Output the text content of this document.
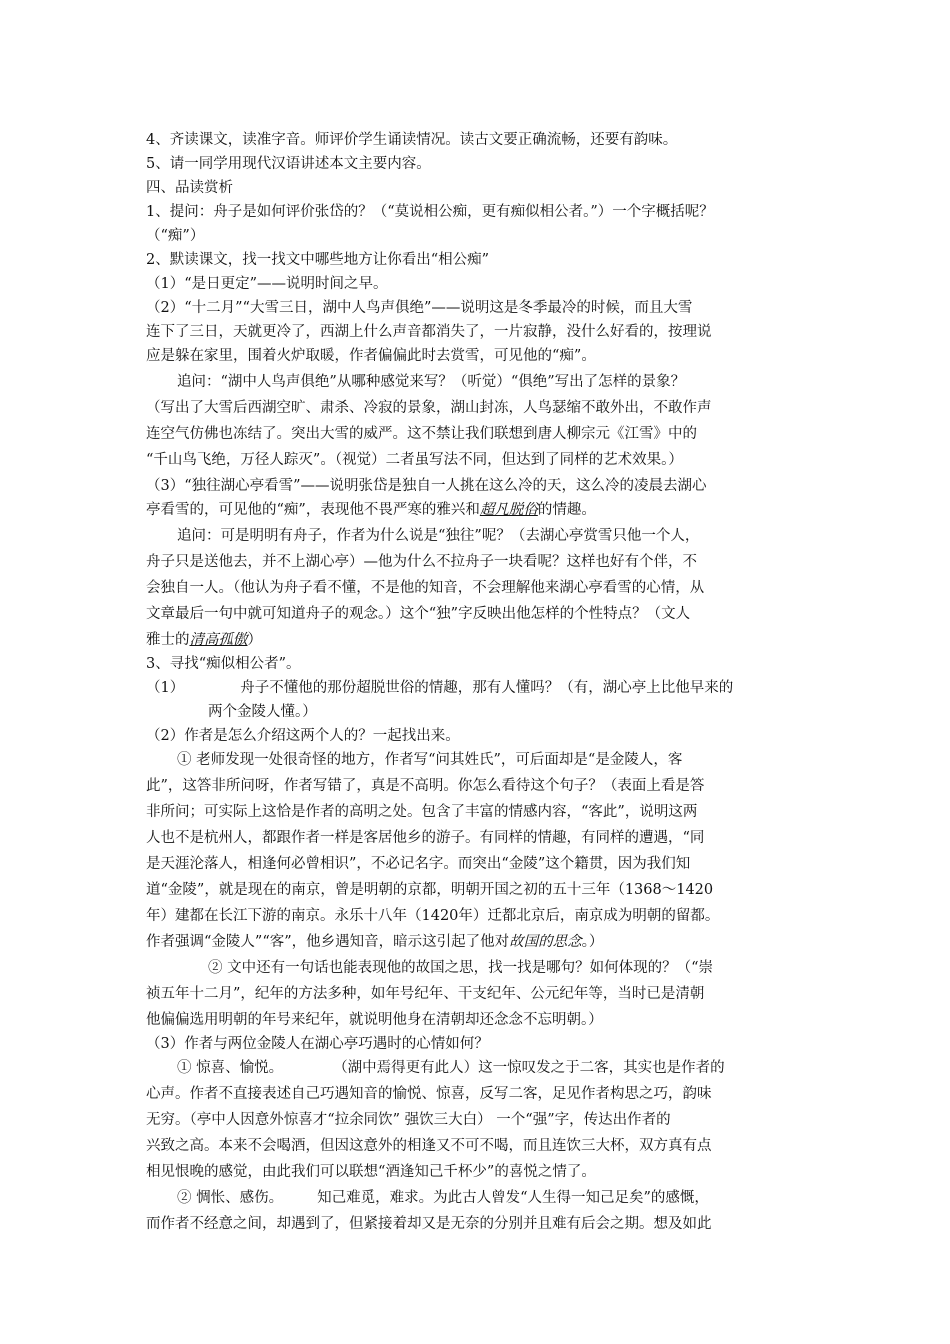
4、齐读课文，读准字音。师评价学生诵读情况。读古文要正确流畅，还要有韵味。
5、请一同学用现代汉语讲述本文主要内容。
四、品读赏析
1、提问：舟子是如何评价张岱的？（“莫说相公痴，更有痴似相公者。”）一个字概括呢？
（“痴”）
2、默读课文，找一找文中哪些地方让你看出“相公痴”
（1）“是日更定”——说明时间之早。
（2）“十二月”“大雪三日，湖中人鸟声俱绝”——说明这是冬季最冷的时候，而且大雪
连下了三日，天就更冷了，西湖上什么声音都消失了，一片寂静，没什么好看的，按理说
应是躲在家里，围着火炉取暖，作者偏偏此时去赏雪，可见他的“痴”。
追问：“湖中人鸟声俱绝”从哪种感觉来写？（听觉）“俱绝”写出了怎样的景象？
（写出了大雪后西湖空旷、肃杀、冷寂的景象，湖山封冻，人鸟瑟缩不敢外出，不敢作声
连空气仿佛也冻结了。突出大雪的威严。这不禁让我们联想到唐人柳宗元《江雪》中的
“千山鸟飞绝，万径人踪灭”。（视觉）二者虽写法不同，但达到了同样的艺术效果。）
（3）“独往湖心亭看雪”——说明张岱是独自一人挑在这么冷的天，这么冷的凌晨去湖心
亭看雪的，可见他的“痴”，表现他不畏严寒的雅兴和超凡脱俗的情趣。
追问：可是明明有舟子，作者为什么说是“独往”呢？（去湖心亭赏雪只他一个人，
舟子只是送他去，并不上湖心亭）—他为什么不拉舟子一块看呢？这样也好有个伴，不
会独自一人。（他认为舟子看不懂，不是他的知音，不会理解他来湖心亭看雪的心情，从
文章最后一句中就可知道舟子的观念。）这个“独”字反映出他怎样的个性特点？（文人
雅士的清高孤傲）
3、寻找“痴似相公者”。
（1）	舟子不懂他的那份超脱世俗的情趣，那有人懂吗？（有，湖心亭上比他早来的
两个金陵人懂。）
（2）作者是怎么介绍这两个人的？一起找出来。
① 老师发现一处很奇怪的地方，作者写“问其姓氏”，可后面却是“是金陵人，客
此”，这答非所问呀，作者写错了，真是不高明。你怎么看待这个句子？（表面上看是答
非所问；可实际上这恰是作者的高明之处。包含了丰富的情感内容，“客此”，说明这两
人也不是杭州人，都跟作者一样是客居他乡的游子。有同样的情趣，有同样的遭遇，“同
是天涯沦落人，相逢何必曾相识”，不必记名字。而突出“金陵”这个籍贯，因为我们知
道“金陵”，就是现在的南京，曾是明朝的京都，明朝开国之初的五十三年（1368～1420
年）建都在长江下游的南京。永乐十八年（1420年）迁都北京后，南京成为明朝的留都。
作者强调“金陵人”“客”，他乡遇知音，暗示这引起了他对故国的思念。）
② 文中还有一句话也能表现他的故国之思，找一找是哪句？如何体现的？（“崇
祯五年十二月”，纪年的方法多种，如年号纪年、干支纪年、公元纪年等，当时已是清朝
他偏偏选用明朝的年号来纪年，就说明他身在清朝却还念念不忘明朝。）
（3）作者与两位金陵人在湖心亭巧遇时的心情如何？
① 惊喜、愉悦。	（湖中焉得更有此人）这一惊叹发之于二客，其实也是作者的
心声。作者不直接表述自己巧遇知音的愉悦、惊喜，反写二客，足见作者构思之巧，韵味
无穷。（亭中人因意外惊喜才“拉余同饮” 强饮三大白） 一个“强”字，传达出作者的
兴致之高。本来不会喝酒，但因这意外的相逢又不可不喝，而且连饮三大杯，双方真有点
相见恨晚的感觉，由此我们可以联想“酒逢知己千杯少”的喜悦之情了。
② 惆怅、感伤。 知己难觅，难求。为此古人曾发“人生得一知己足矣”的感慨，
而作者不经意之间，却遇到了，但紧接着却又是无奈的分别并且难有后会之期。想及如此
